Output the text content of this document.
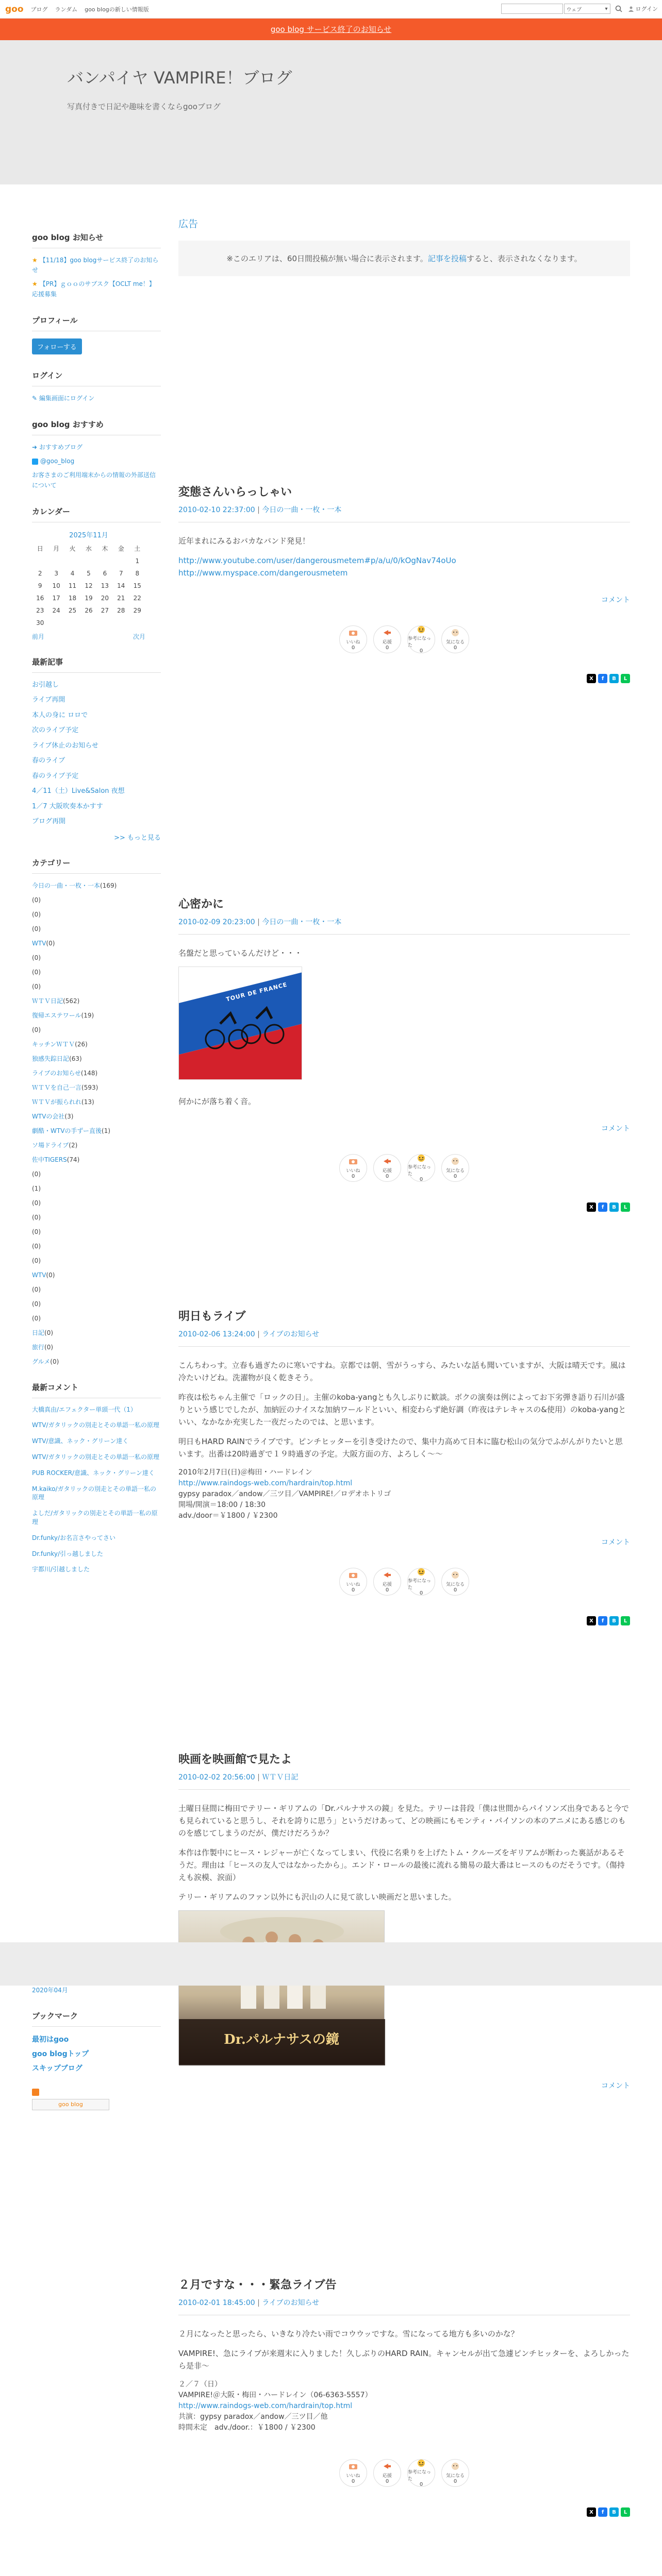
goo ブログ ランダム goo blogの新しい情報版	ウェブ	▾	ログイン
goo blog サービス終了のお知らせ
バンパイヤ VAMPIRE！ブログ
写真付きで日記や趣味を書くならgooブログ
goo blog お知らせ
★ 【11/18】goo blogサービス終了のお知らせ
★ 【PR】ｇｏｏのサブスク【OCLT me！】応援募集
プロフィール
フォローする
ログイン
✎ 編集画面にログイン
goo blog おすすめ
➜ おすすめブログ
@goo_blog
お客さまのご利用端末からの情報の外部送信について
カレンダー
2025年11月
日	月	火	水	木	金	土
						1
2	3	4	5	6	7	8
9	10	11	12	13	14	15
16	17	18	19	20	21	22
23	24	25	26	27	28	29
30						
前月	次月
最新記事
お引越し
ライブ再開
本人の身に ロロで
次のライブ予定
ライブ休止のお知らせ
春のライブ
春のライブ予定
4／11（土）Live&Salon 夜想
1／7 大阪吹奏本かすす
ブログ再開
>> もっと見る
カテゴリー
今日の一曲・一枚・一本(169)
(0)
(0)
(0)
WTV(0)
(0)
(0)
(0)
ＷＴＶ日記(562)
復帰エステワール(19)
(0)
キッチンＷＴＶ(26)
独感失踪日記(63)
ライブのお知らせ(148)
ＷＴＶを自己一言(593)
ＷＴＶが振られれ(13)
WTVの会社(3)
劇酷・WTVの手ずー直後(1)
ソ場ドライブ(2)
佐中TIGERS(74)
(0)
(1)
(0)
(0)
(0)
(0)
(0)
WTV(0)
(0)
(0)
(0)
日記(0)
旅行(0)
グルメ(0)
最新コメント
大橋真由/エフェクター単頭一代（1）
WTV/ガタリックの別走とその単語一私の原理
WTV/意識、ネック・グリーン達く
WTV/ガタリックの別走とその単語一私の原理
PUB ROCKER/意識、ネック・グリーン達く
M.kaiko/ガタリックの別走とその単語一私の原理
よしだ/ガタリックの別走とその単語一私の原理
Dr.funky/お名言さやってさい
Dr.funky/引っ越しました
宇都川/引越しました
2020年04月
ブックマーク
最初はgoo
goo blogトップ
スキップブログ
goo blog
広告
※このエリアは、60日間投稿が無い場合に表示されます。記事を投稿すると、表示されなくなります。
変態さんいらっしゃい
2010-02-10 22:37:00 | 今日の一曲・一枚・一本

近年まれにみるおバカなバンド発見！

http://www.youtube.com/user/dangerousmetem#p/a/u/0/kOgNav74oUo
http://www.myspace.com/dangerousmetem
コメント
いいね
0
応援
0
参考になった
0
気になる
0
X	f	B	L
心密かに
2010-02-09 20:23:00 | 今日の一曲・一枚・一本

名盤だと思っているんだけど・・・

TOUR DE FRANCE

何かにが落ち着く音。

コメント
いいね
0
応援
0
参考になった
0
気になる
0
X	f	B	L
明日もライブ
2010-02-06 13:24:00 | ライブのお知らせ

こんちわっす。立春も過ぎたのに寒いですね。京都では朝、雪がうっすら、みたいな話も聞いていますが、大阪は晴天です。風は冷たいけどね。洗濯物が良く乾きそう。

昨夜は松ちゃん主催で「ロックの日」。主催のkoba-yangとも久しぶりに歓談。ボクの演奏は例によってお下劣弾き語り石川が盛りという感じでしたが、加納匠のナイスな加納ワールドといい、相変わらず絶好調（昨夜はテレキャスの&使用）のkoba-yangといい、なかなか充実した一夜だったのでは、と思います。

明日もHARD RAINでライブです。ピンチヒッターを引き受けたので、集中力高めて日本に臨む松山の気分でふがんがりたいと思います。出番は20時過ぎで１９時過ぎの予定。大阪方面の方、よろしく〜〜

2010年2月7日(日)＠梅田・ハードレイン
http://www.raindogs-web.com/hardrain/top.html
gypsy paradox／andow／三ツ目／VAMPIRE!／ロデオホトリゴ
開場/開演＝18:00 / 18:30
adv./door＝￥1800 / ￥2300
コメント
いいね
0
応援
0
参考になった
0
気になる
0
X	f	B	L
映画を映画館で見たよ
2010-02-02 20:56:00 | ＷＴＶ日記

土曜日昼間に梅田でテリー・ギリアムの「Dr.パルナサスの鏡」を見た。テリーは昔段「僕は世間からパイソンズ出身であると今でも見られていると思うし、それを誇りに思う」というだけあって、どの映画にもモンティ・パイソンの本のアニメにある感じのものを感じてしまうのだが、僕だけだろうか？

本作は作製中にヒース・レジャーが亡くなってしまい、代役に名乗りを上げたトム・クルーズをギリアムが断わった裏話があるそうだ。理由は「ヒースの友人ではなかったから」。エンド・ロールの最後に流れる簡易の最大番はヒースのものだそうです。（傷持えも涙模、涙面）

テリー・ギリアムのファン以外にも沢山の人に見て欲しい映画だと思いました。

Dr.パルナサスの鏡
コメント
２月ですな・・・緊急ライブ告
2010-02-01 18:45:00 | ライブのお知らせ

２月になったと思ったら、いきなり冷たい雨でコウウッですな。雪になってる地方も多いのかな？

VAMPIRE!、急にライブが来週末に入りました！久しぶりのHARD RAIN。キャンセルが出て急遽ピンチヒッターを、よろしかったら是非〜

２／７（日）
VAMPIRE!＠大阪・梅田・ハードレイン（06-6363-5557）
http://www.raindogs-web.com/hardrain/top.html
共演：gypsy paradox／andow／三ツ目／他
時間未定　adv./door.：￥1800 / ￥2300
いいね
0
応援
0
参考になった
0
気になる
0
X	f	B	L
